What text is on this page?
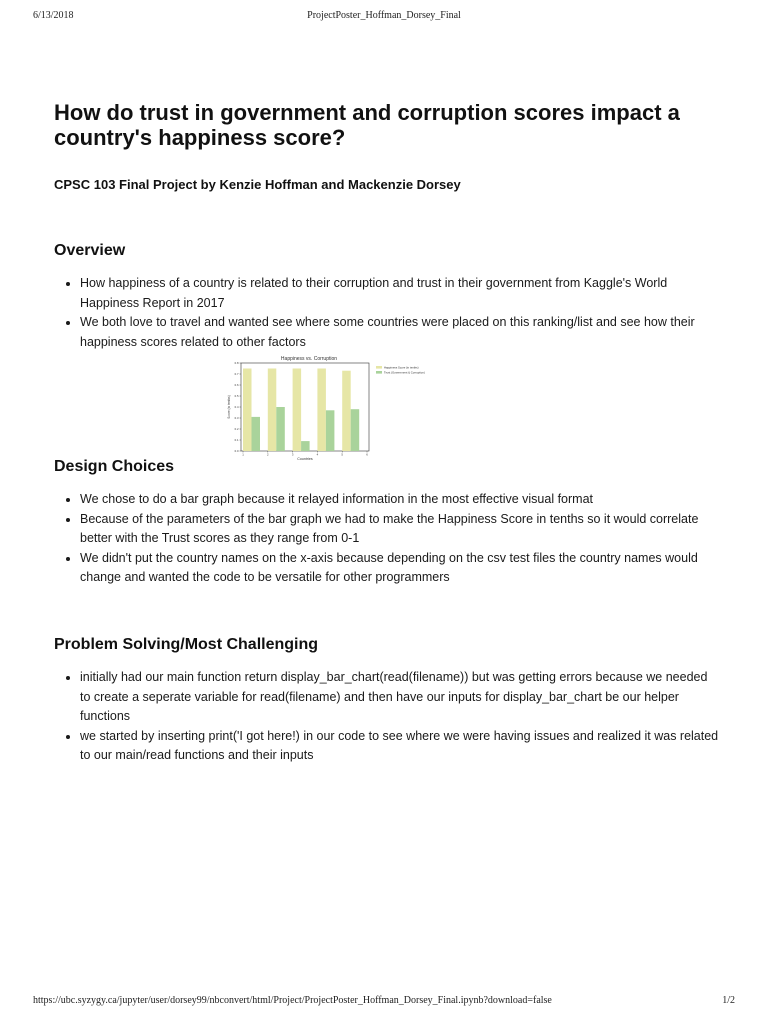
6/13/2018	ProjectPoster_Hoffman_Dorsey_Final
How do trust in government and corruption scores impact a country's happiness score?

CPSC 103 Final Project by Kenzie Hoffman and Mackenzie Dorsey

Overview
• How happiness of a country is related to their corruption and trust in their government from Kaggle's World Happiness Report in 2017
• We both love to travel and wanted see where some countries were placed on this ranking/list and see how their happiness scores related to other factors
Happiness vs. Corruption
0.0
0.1
0.2
0.3
0.4
0.5
0.6
0.7
0.8
1	2	3	4	5	6
Score (in tenths)
Countries
Happiness Score (in tenths)
Trust (Government & Corruption)
Design Choices
• We chose to do a bar graph because it relayed information in the most effective visual format
• Because of the parameters of the bar graph we had to make the Happiness Score in tenths so it would correlate better with the Trust scores as they range from 0-1
• We didn't put the country names on the x-axis because depending on the csv test files the country names would change and wanted the code to be versatile for other programmers
Problem Solving/Most Challenging
• initially had our main function return display_bar_chart(read(filename)) but was getting errors because we needed to create a seperate variable for read(filename) and then have our inputs for display_bar_chart be our helper functions
• we started by inserting print('I got here!) in our code to see where we were having issues and realized it was related to our main/read functions and their inputs
https://ubc.syzygy.ca/jupyter/user/dorsey99/nbconvert/html/Project/ProjectPoster_Hoffman_Dorsey_Final.ipynb?download=false	1/2
